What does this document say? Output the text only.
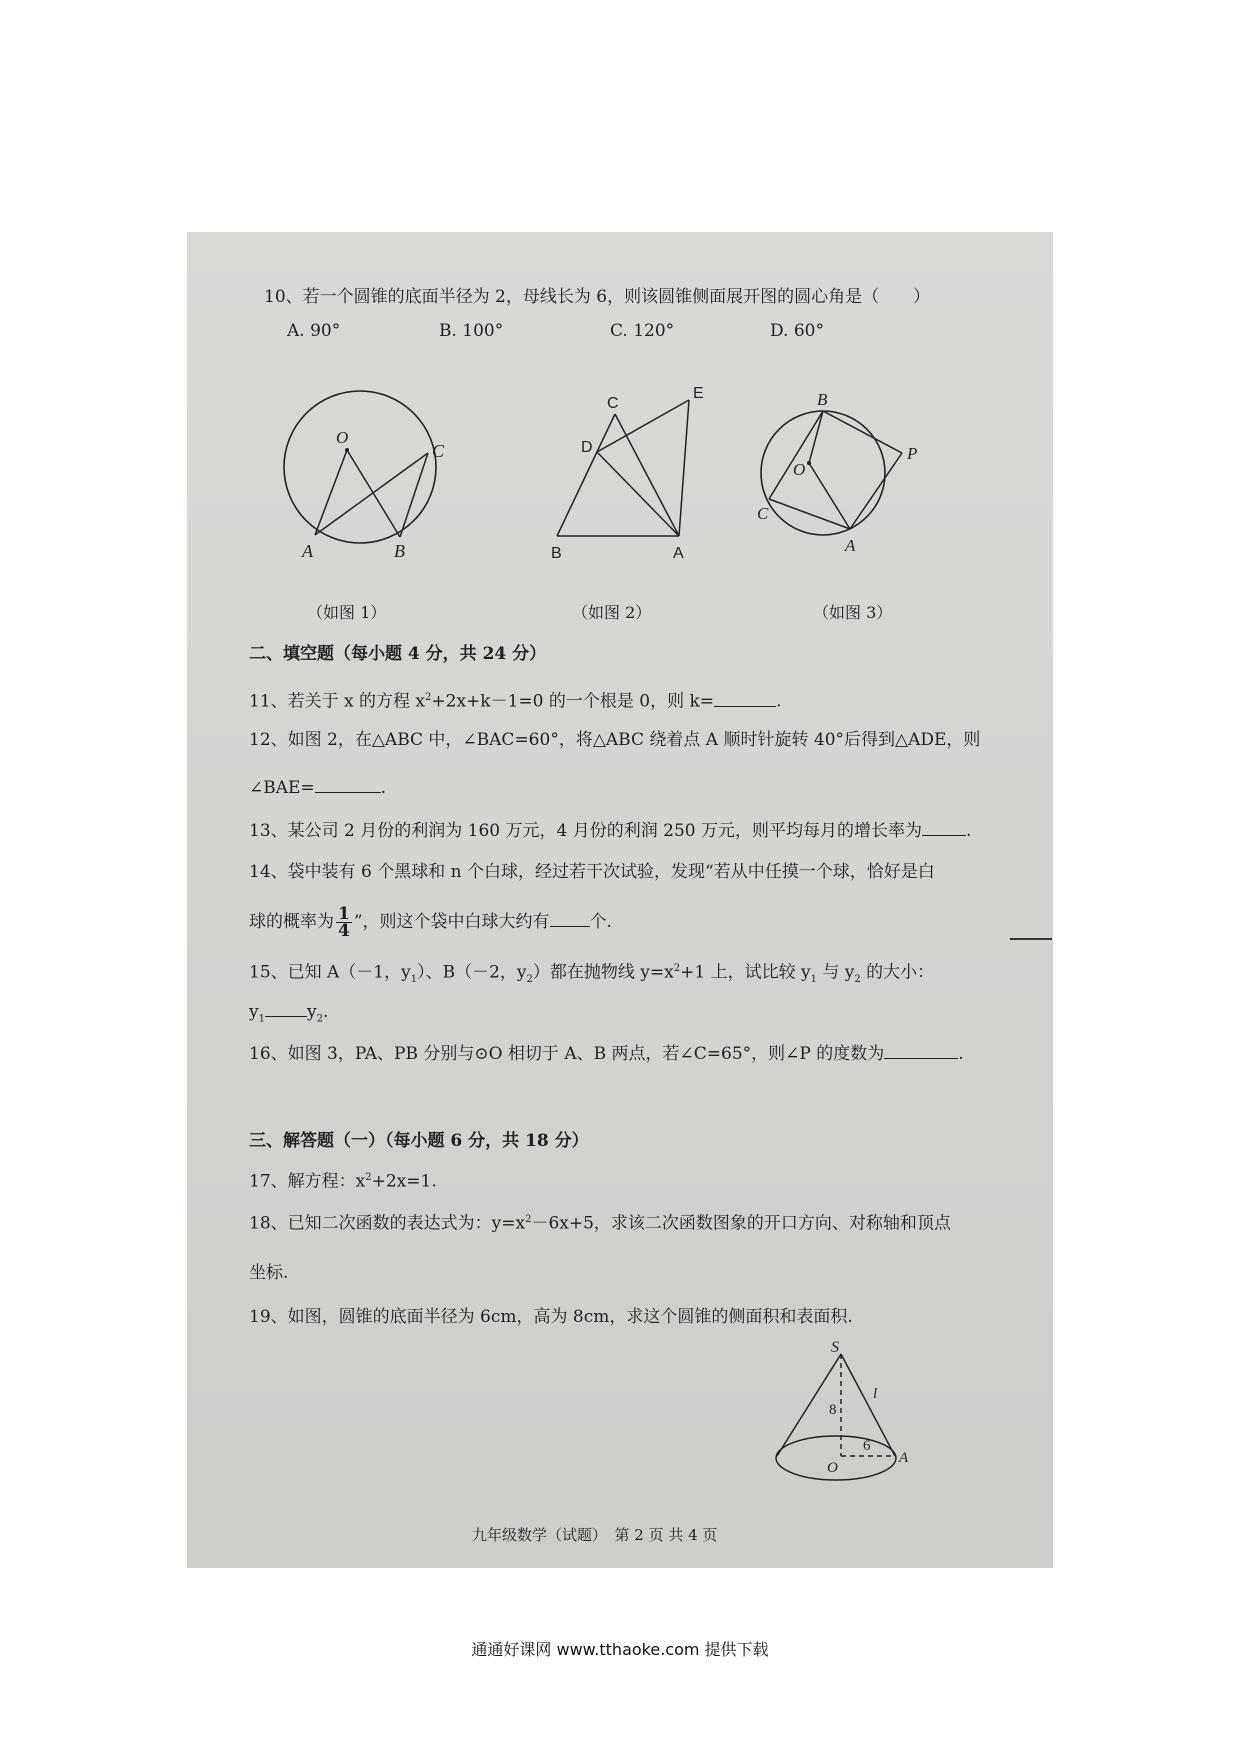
10、若一个圆锥的底面半径为 2，母线长为 6，则该圆锥侧面展开图的圆心角是（　　）
A. 90°	B. 100°	C. 120°	D. 60°
O
C
A	B
（如图 1）
C
E
D
B	A
（如图 2）
B
P
O
C
A
（如图 3）
二、填空题（每小题 4 分，共 24 分）
11、若关于 x 的方程 $x^2+2x+k-1=0$ 的一个根是 0，则 k=	.
12、如图 2，在△ABC 中，∠BAC=60°，将△ABC 绕着点 A 顺时针旋转 40°后得到△ADE，则
∠BAE=	.
13、某公司 2 月份的利润为 160 万元，4 月份的利润 250 万元，则平均每月的增长率为	.
14、袋中装有 6 个黑球和 n 个白球，经过若干次试验，发现“若从中任摸一个球，恰好是白
球的概率为 $\frac{1}{4}$ ”，则这个袋中白球大约有 个.
15、已知 A（－1，$y_1$）、B（－2，$y_2$）都在抛物线 $y=x^2+1$ 上，试比较 $y_1$ 与 $y_2$ 的大小：
$y_1$ $y_2$.
16、如图 3，PA、PB 分别与⊙O 相切于 A、B 两点，若∠C=65°，则∠P 的度数为	.
三、解答题（一）（每小题 6 分，共 18 分）
17、解方程：$x^2+2x=1$.
18、已知二次函数的表达式为：$y=x^2-6x+5$，求该二次函数图象的开口方向、对称轴和顶点
坐标.
19、如图，圆锥的底面半径为 6cm，高为 8cm，求这个圆锥的侧面积和表面积.
S
8
l
6
O
A
九年级数学（试题）　第 2 页 共 4 页
通通好课网 www.tthaoke.com 提供下载
